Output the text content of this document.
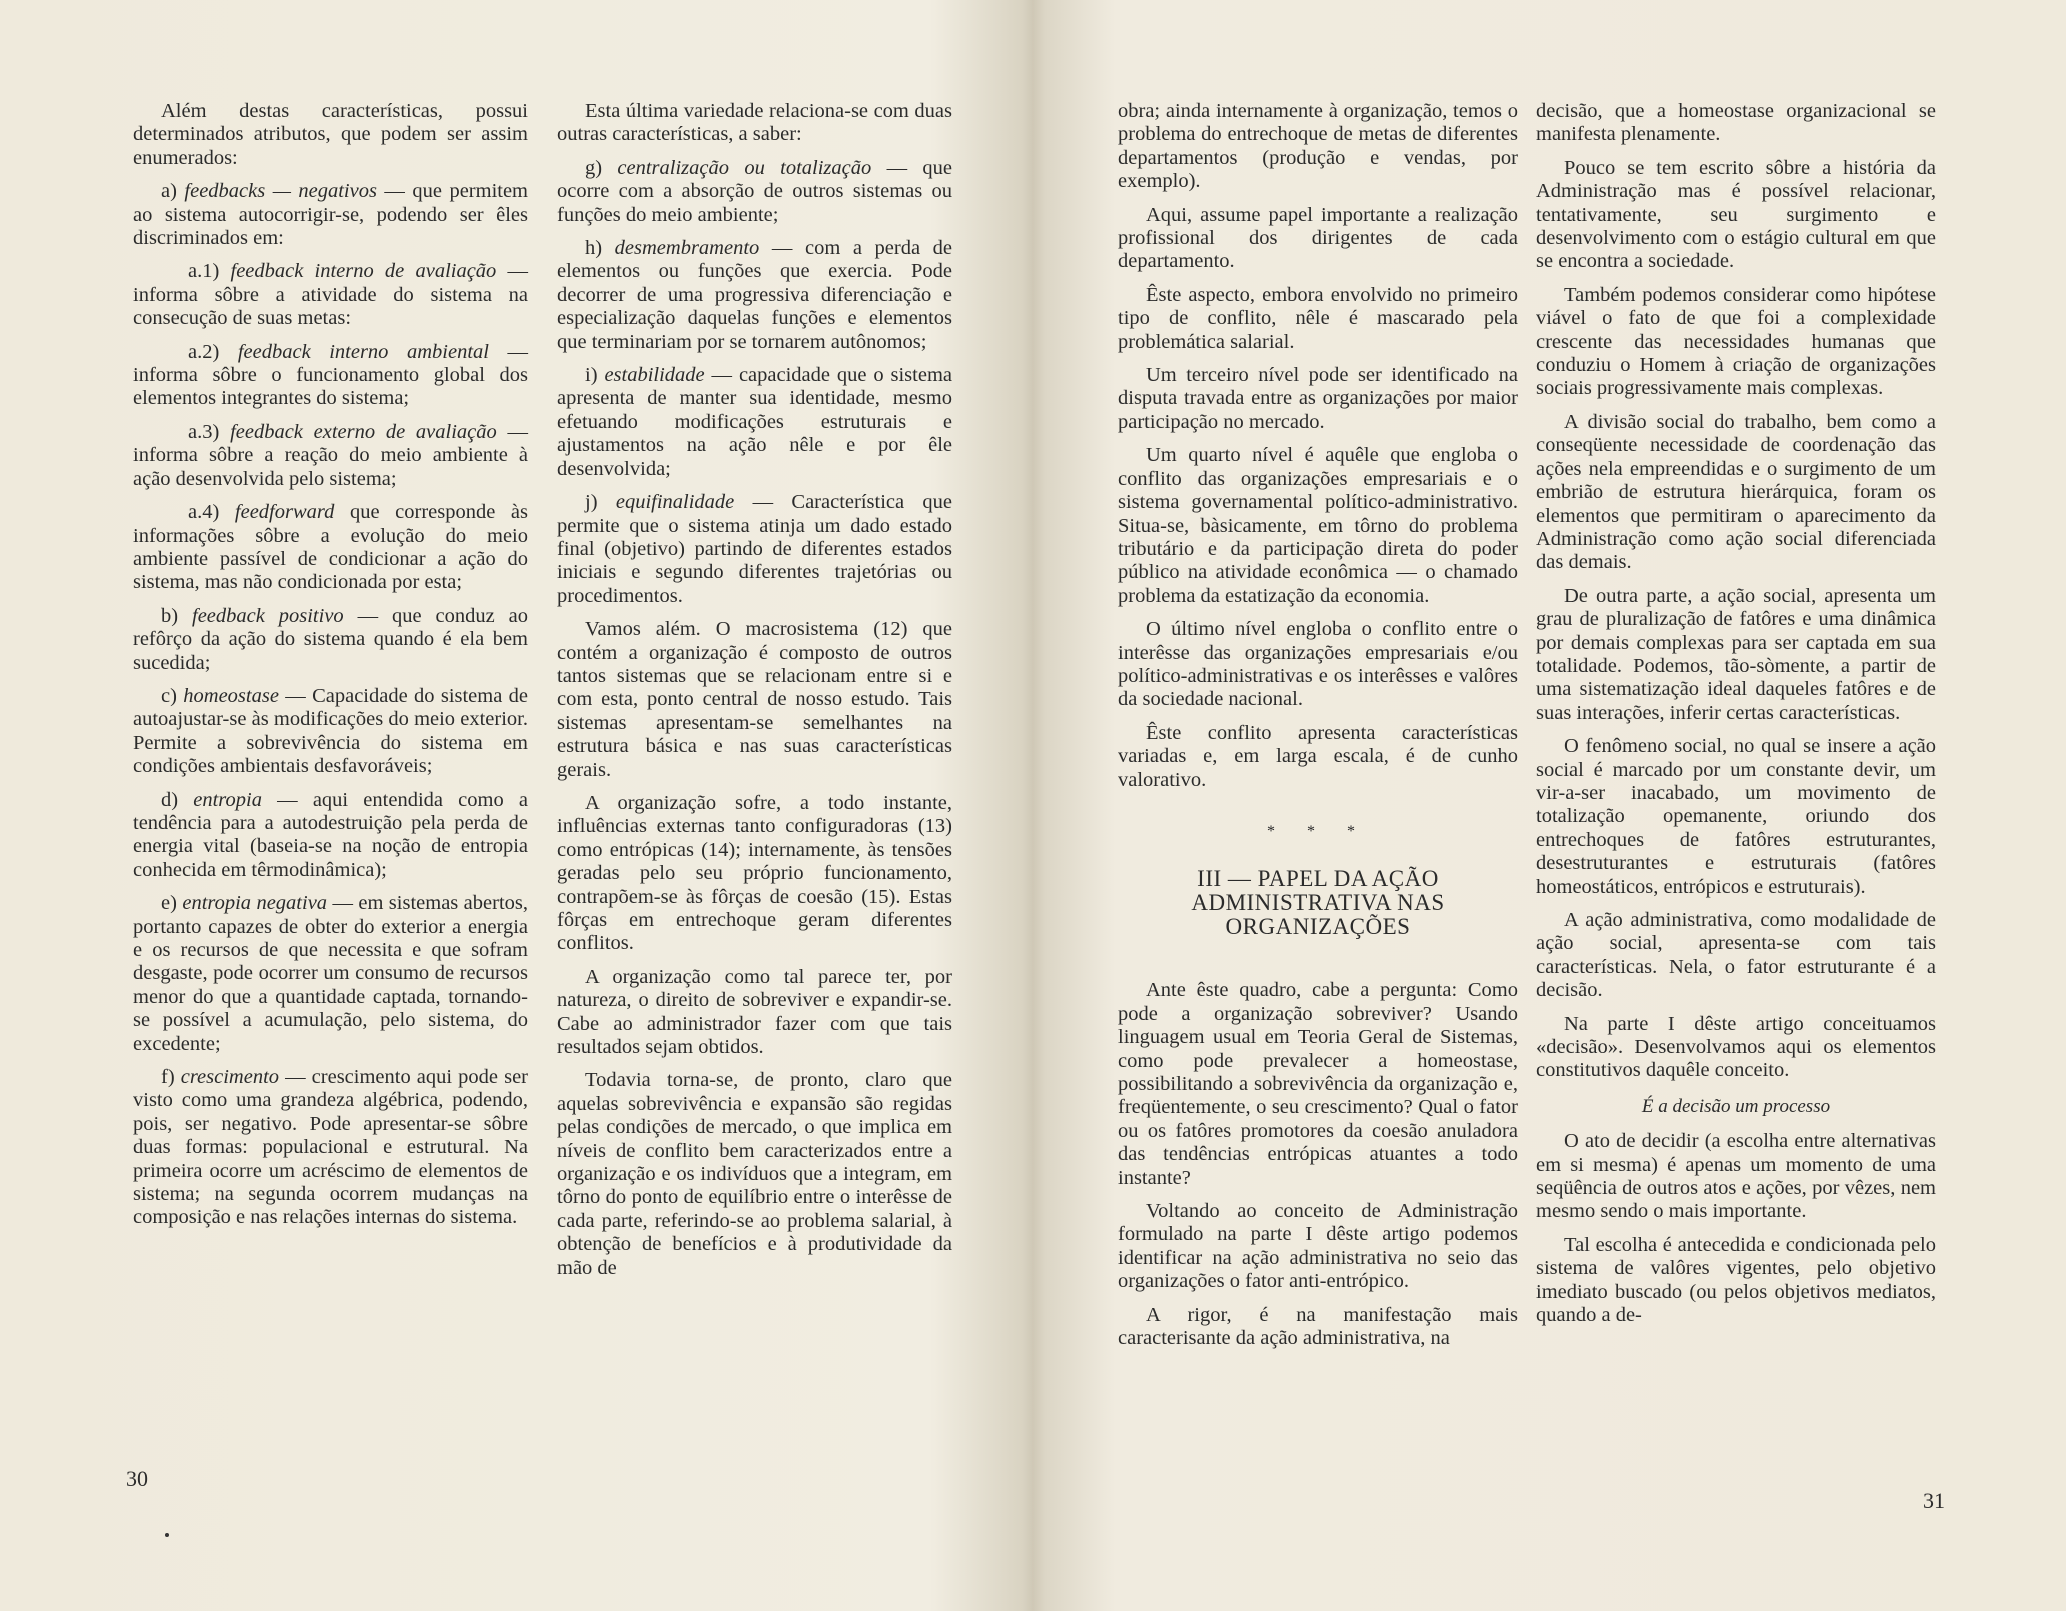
Além destas características, possui determinados atributos, que podem ser assim enumerados:

a) feedbacks — negativos — que permitem ao sistema autocorrigir-se, podendo ser êles discriminados em:

a.1) feedback interno de avaliação — informa sôbre a atividade do sistema na consecução de suas metas:

a.2) feedback interno ambiental — informa sôbre o funcionamento global dos elementos integrantes do sistema;

a.3) feedback externo de avaliação — informa sôbre a reação do meio ambiente à ação desenvolvida pelo sistema;

a.4) feedforward que correspondе às informações sôbre a evolução do meio ambiente passível de condicionar a ação do sistema, mas não condicionada por esta;

b) feedback positivo — que conduz ao refôrço da ação do sistema quando é ela bem sucedida;

c) homeostase — Capacidade do sistema de autoajustar-se às modificações do meio exterior. Permite a sobrevivência do sistema em condições ambientais desfavoráveis;

d) entropia — aqui entendida como a tendência para a autodestruição pela perda de energia vital (baseia-se na noção de entropia conhecida em têrmodinâmica);

e) entropia negativa — em sistemas abertos, portanto capazes de obter do exterior a energia e os recursos de que necessita e que sofram desgaste, pode ocorrer um consumo de recursos menor do que a quantidade captada, tornando-se possível a acumulação, pelo sistema, do excedente;

f) crescimento — crescimento aqui pode ser visto como uma grandeza algébrica, podendo, pois, ser negativo. Pode apresentar-se sôbre duas formas: populacional e estrutural. Na primeira ocorre um acréscimo de elementos de sistema; na segunda ocorrem mudanças na composição e nas relações internas do sistema.

Esta última variedade relaciona-se com duas outras características, a saber:

g) centralização ou totalização — que ocorre com a absorção de outros sistemas ou funções do meio ambiente;

h) desmembramento — com a perda de elementos ou funções que exercia. Pode decorrer de uma progressiva diferenciação e especialização daquelas funções e elementos que terminariam por se tornarem autônomos;

i) estabilidade — capacidade que o sistema apresenta de manter sua identidade, mesmo efetuando modificações estruturais e ajustamentos na ação nêle e por êle desenvolvida;

j) equifinalidade — Característica que permite que o sistema atinja um dado estado final (objetivo) partindo de diferentes estados iniciais e segundo diferentes trajetórias ou procedimentos.

Vamos além. O macrosistema (12) que contém a organização é composto de outros tantos sistemas que se relacionam entre si e com esta, ponto central de nosso estudo. Tais sistemas apresentam-se semelhantes na estrutura básica e nas suas características gerais.

A organização sofre, a todo instante, influências externas tanto configuradoras (13) como entrópicas (14); internamente, às tensões geradas pelo seu próprio funcionamento, contrapõem-se às fôrças de coesão (15). Estas fôrças em entrechoque geram diferentes conflitos.

A organização como tal parece ter, por natureza, o direito de sobreviver e expandir-se. Cabe ao administrador fazer com que tais resultados sejam obtidos.

Todavia torna-se, de pronto, claro que aquelas sobrevivência e expansão são regidas pelas condições de mercado, o que implica em níveis de conflito bem caracterizados entre a organização e os indivíduos que a integram, em tôrno do ponto de equilíbrio entre o interêsse de cada parte, referindo-se ao problema salarial, à obtenção de benefícios e à produtividade da mão de

30

obra; ainda internamente à organização, temos o problema do entrechoque de metas de diferentes departamentos (produção e vendas, por exemplo).

Aqui, assume papel importante a realização profissional dos dirigentes de cada departamento.

Êste aspecto, embora envolvido no primeiro tipo de conflito, nêle é mascarado pela problemática salarial.

Um terceiro nível pode ser identificado na disputa travada entre as organizações por maior participação no mercado.

Um quarto nível é aquêle que engloba o conflito das organizações empresariais e o sistema governamental político-administrativo. Situa-se, bàsicamente, em tôrno do problema tributário e da participação direta do poder público na atividade econômica — o chamado problema da estatização da economia.

O último nível engloba o conflito entre o interêsse das organizações empresariais e/ou político-administrativas e os interêsses e valôres da sociedade nacional.

Êste conflito apresenta características variadas e, em larga escala, é de cunho valorativo.

* * *
III — PAPEL DA AÇÃO
ADMINISTRATIVA NAS
ORGANIZAÇÕES

Ante êste quadro, cabe a pergunta: Como pode a organização sobreviver? Usando linguagem usual em Teoria Geral de Sistemas, como pode prevalecer a homeostase, possibilitando a sobrevivência da organização e, freqüentemente, o seu crescimento? Qual o fator ou os fatôres promotores da coesão anuladora das tendências entrópicas atuantes a todo instante?

Voltando ao conceito de Administração formulado na parte I dêste artigo podemos identificar na ação administrativa no seio das organizações o fator anti-entrópico.

A rigor, é na manifestação mais caracterisante da ação administrativa, na

decisão, que a homeostase organizacional se manifesta plenamente.

Pouco se tem escrito sôbre a história da Administração mas é possível relacionar, tentativamente, seu surgimento e desenvolvimento com o estágio cultural em que se encontra a sociedade.

Também podemos considerar como hipótese viável o fato de que foi a complexidade crescente das necessidades humanas que conduziu o Homem à criação de organizações sociais progressivamente mais complexas.

A divisão social do trabalho, bem como a conseqüente necessidade de coordenação das ações nela empreendidas e o surgimento de um embrião de estrutura hierárquica, foram os elementos que permitiram o aparecimento da Administração como ação social diferenciada das demais.

De outra parte, a ação social, apresenta um grau de pluralização de fatôres e uma dinâmica por demais complexas para ser captada em sua totalidade. Podemos, tão-sòmente, a partir de uma sistematização ideal daqueles fatôres e de suas interações, inferir certas características.

O fenômeno social, no qual se insere a ação social é marcado por um constante devir, um vir-a-ser inacabado, um movimento de totalização opemanente, oriundo dos entrechoques de fatôres estruturantes, desestruturantes e estruturais (fatôres homeostáticos, entrópicos e estruturais).

A ação administrativa, como modalidade de ação social, apresenta-se com tais características. Nela, o fator estruturante é a decisão.

Na parte I dêste artigo conceituamos «decisão». Desenvolvamos aqui os elementos constitutivos daquêle conceito.

É a decisão um processo

O ato de decidir (a escolha entre alternativas em si mesma) é apenas um momento de uma seqüência de outros atos e ações, por vêzes, nem mesmo sendo o mais importante.

Tal escolha é antecedida e condicionada pelo sistema de valôres vigentes, pelo objetivo imediato buscado (ou pelos objetivos mediatos, quando a de-

31
